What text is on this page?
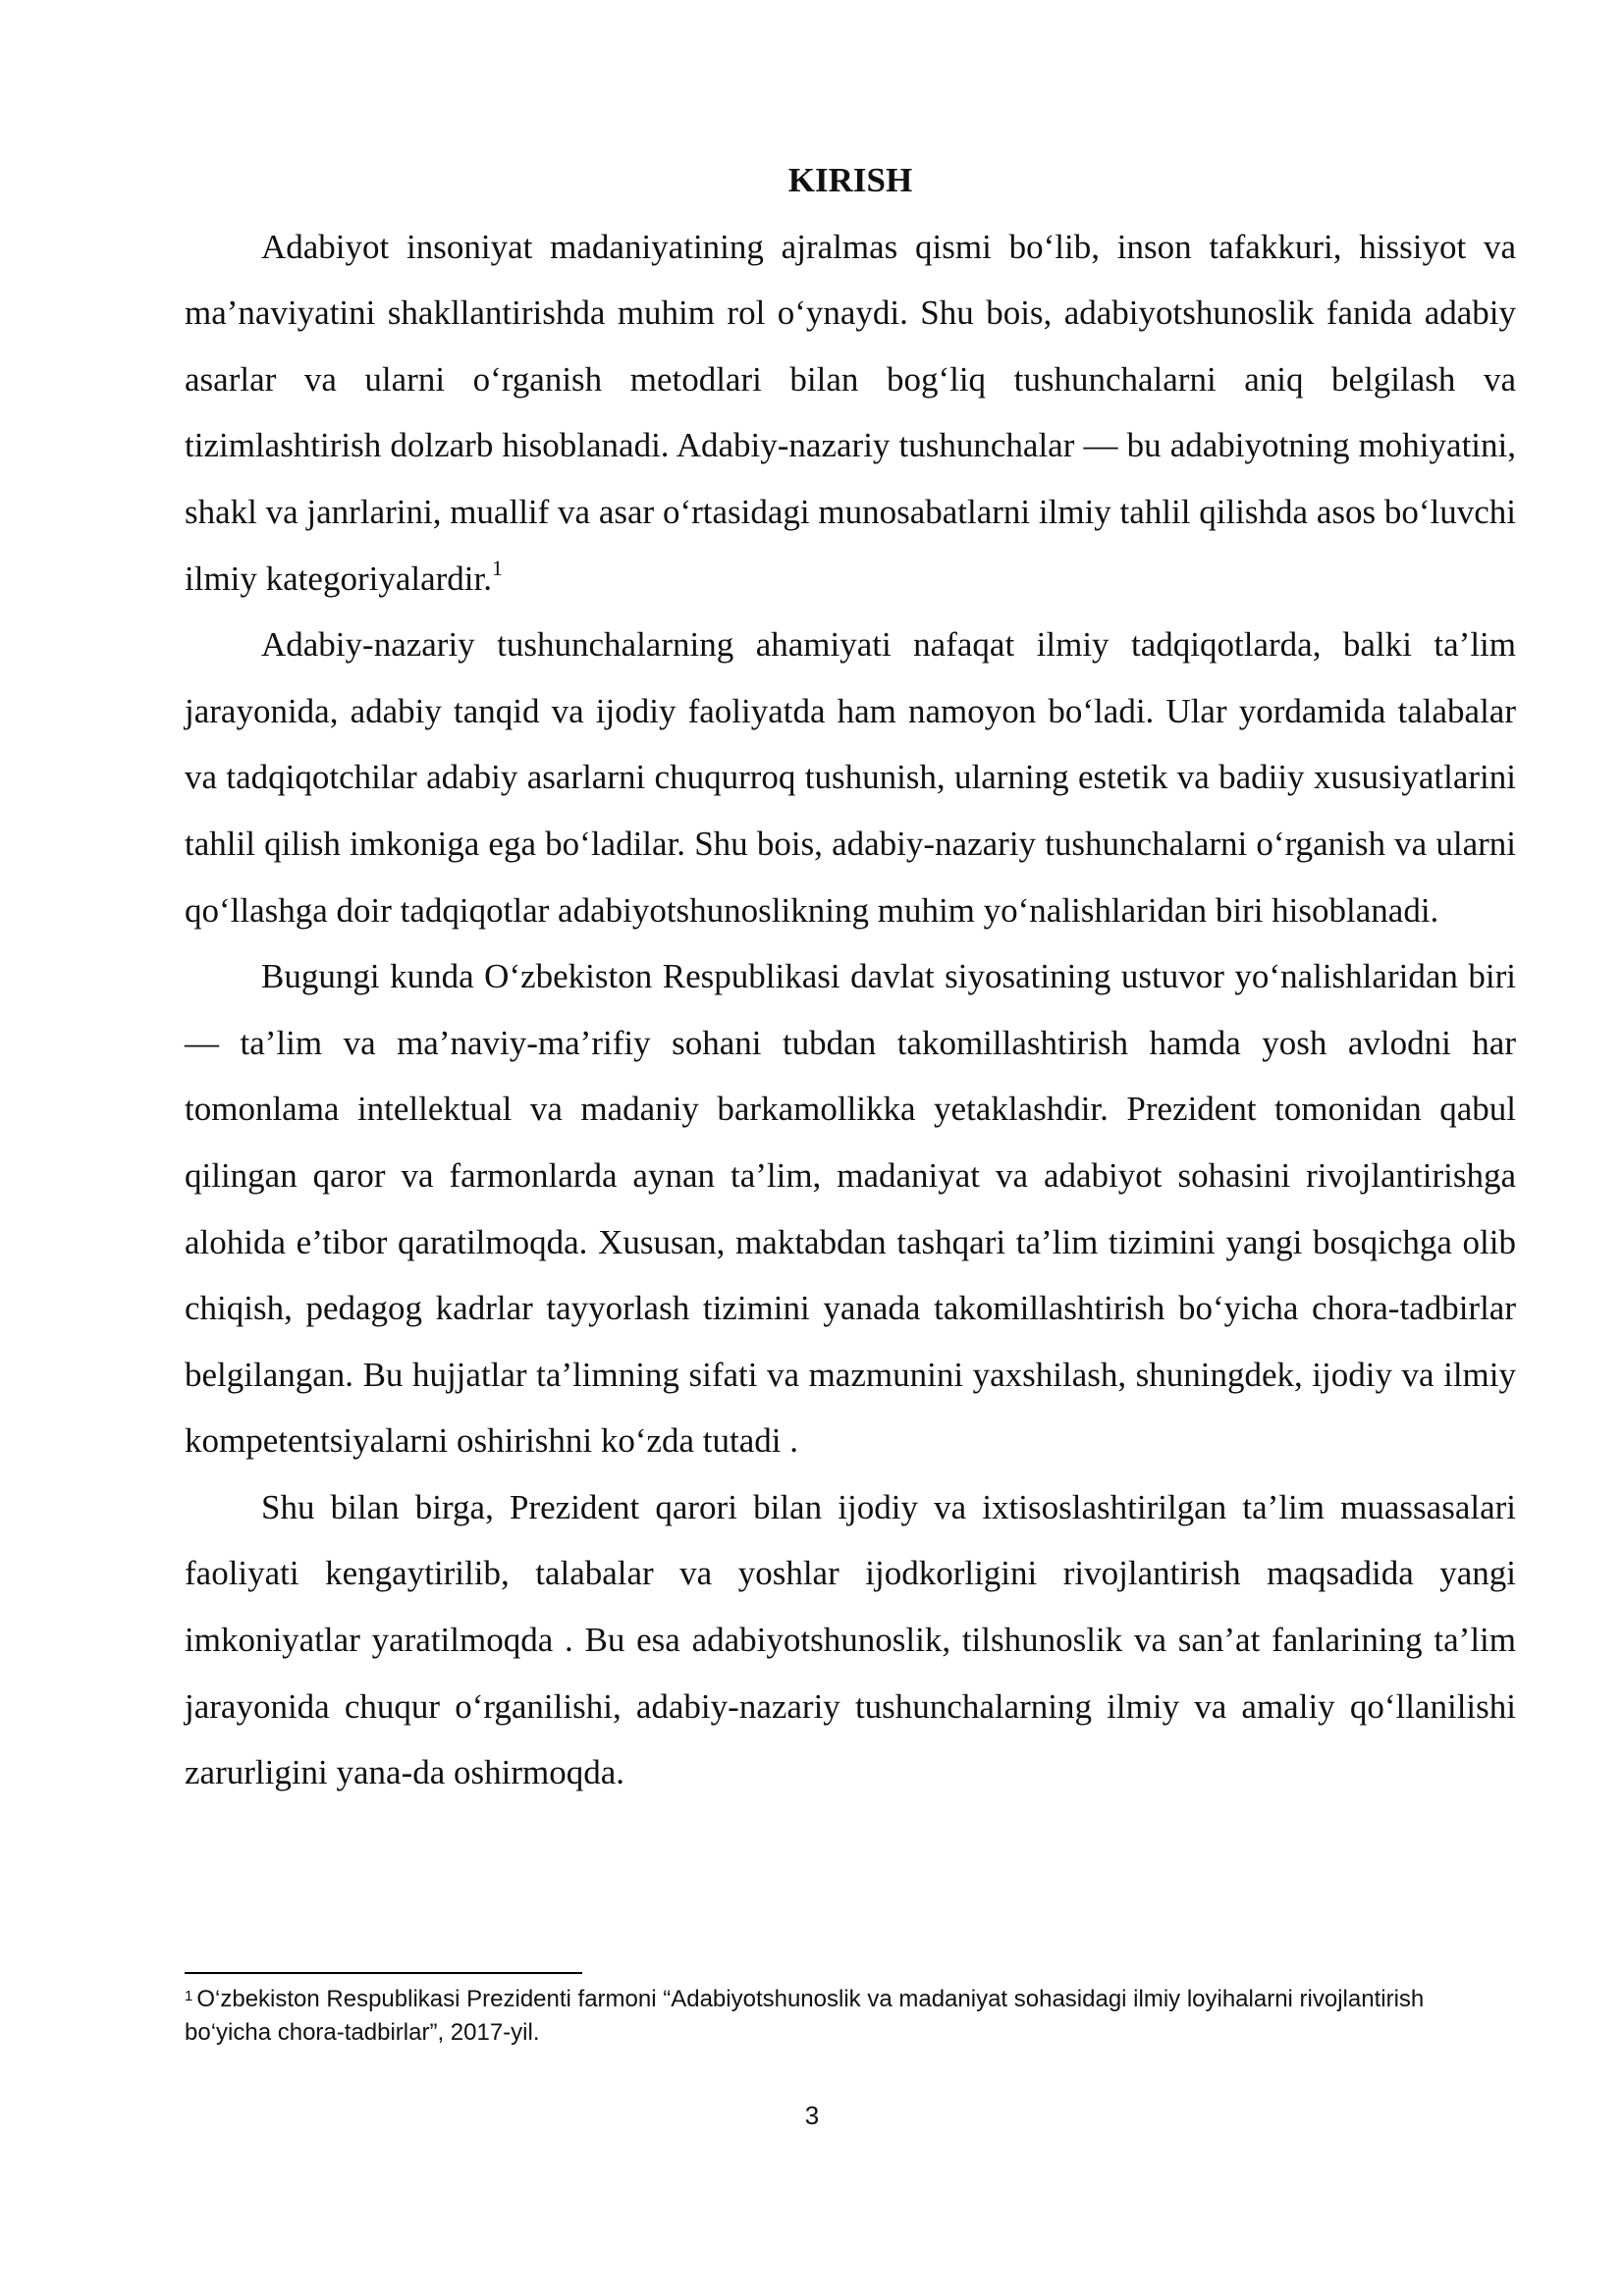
KIRISH

Adabiyot insoniyat madaniyatining ajralmas qismi bo‘lib, inson tafakkuri, hissiyot va ma’naviyatini shakllantirishda muhim rol o‘ynaydi. Shu bois, adabiyotshunoslik fanida adabiy asarlar va ularni o‘rganish metodlari bilan bog‘liq tushunchalarni aniq belgilash va tizimlashtirish dolzarb hisoblanadi. Adabiy-nazariy tushunchalar — bu adabiyotning mohiyatini, shakl va janrlarini, muallif va asar o‘rtasidagi munosabatlarni ilmiy tahlil qilishda asos bo‘luvchi ilmiy kategoriyalardir.$^1$

Adabiy-nazariy tushunchalarning ahamiyati nafaqat ilmiy tadqiqotlarda, balki ta’lim jarayonida, adabiy tanqid va ijodiy faoliyatda ham namoyon bo‘ladi. Ular yordamida talabalar va tadqiqotchilar adabiy asarlarni chuqurroq tushunish, ularning estetik va badiiy xususiyatlarini tahlil qilish imkoniga ega bo‘ladilar. Shu bois, adabiy-nazariy tushunchalarni o‘rganish va ularni qo‘llashga doir tadqiqotlar adabiyotshunoslikning muhim yo‘nalishlaridan biri hisoblanadi.

Bugungi kunda O‘zbekiston Respublikasi davlat siyosatining ustuvor yo‘nalishlaridan biri — ta’lim va ma’naviy-ma’rifiy sohani tubdan takomillashtirish hamda yosh avlodni har tomonlama intellektual va madaniy barkamollikka yetaklashdir. Prezident tomonidan qabul qilingan qaror va farmonlarda aynan ta’lim, madaniyat va adabiyot sohasini rivojlantirishga alohida e’tibor qaratilmoqda. Xususan, maktabdan tashqari ta’lim tizimini yangi bosqichga olib chiqish, pedagog kadrlar tayyorlash tizimini yanada takomillashtirish bo‘yicha chora-tadbirlar belgilangan. Bu hujjatlar ta’limning sifati va mazmunini yaxshilash, shuningdek, ijodiy va ilmiy kompetentsiyalarni oshirishni ko‘zda tutadi .

Shu bilan birga, Prezident qarori bilan ijodiy va ixtisoslashtirilgan ta’lim muassasalari faoliyati kengaytirilib, talabalar va yoshlar ijodkorligini rivojlantirish maqsadida yangi imkoniyatlar yaratilmoqda . Bu esa adabiyotshunoslik, tilshunoslik va san’at fanlarining ta’lim jarayonida chuqur o‘rganilishi, adabiy-nazariy tushunchalarning ilmiy va amaliy qo‘llanilishi zarurligini yana-da oshirmoqda.

$^1$ O‘zbekiston Respublikasi Prezidenti farmoni “Adabiyotshunoslik va madaniyat sohasidagi ilmiy loyihalarni rivojlantirish bo‘yicha chora-tadbirlar”, 2017-yil.
3
